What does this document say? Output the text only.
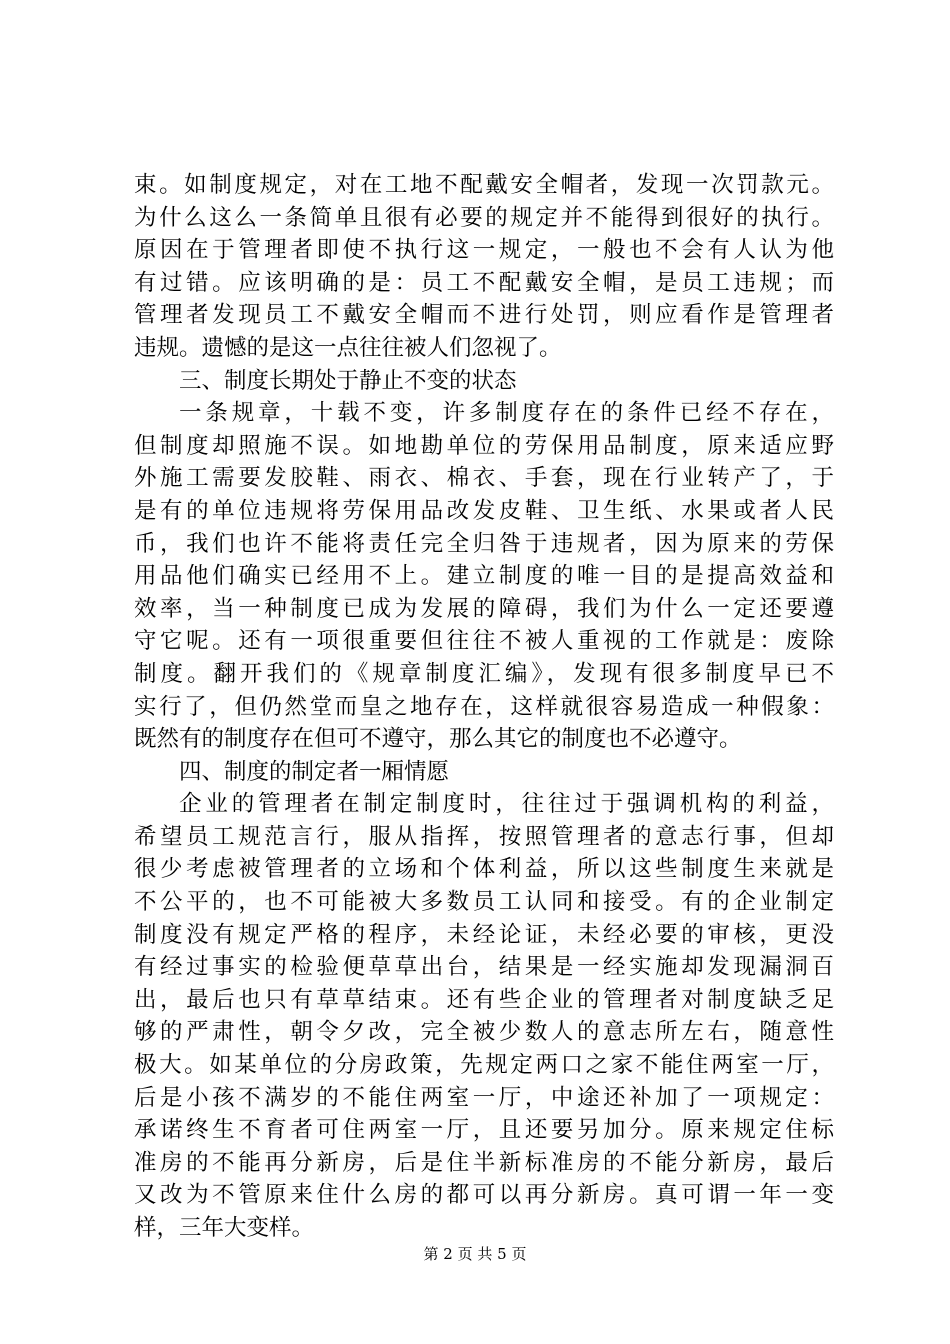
束。如制度规定，对在工地不配戴安全帽者，发现一次罚款元。
为什么这么一条简单且很有必要的规定并不能得到很好的执行。
原因在于管理者即使不执行这一规定，一般也不会有人认为他
有过错。应该明确的是：员工不配戴安全帽，是员工违规；而
管理者发现员工不戴安全帽而不进行处罚，则应看作是管理者
违规。遗憾的是这一点往往被人们忽视了。
三、制度长期处于静止不变的状态
一条规章，十载不变，许多制度存在的条件已经不存在，
但制度却照施不误。如地勘单位的劳保用品制度，原来适应野
外施工需要发胶鞋、雨衣、棉衣、手套，现在行业转产了，于
是有的单位违规将劳保用品改发皮鞋、卫生纸、水果或者人民
币，我们也许不能将责任完全归咎于违规者，因为原来的劳保
用品他们确实已经用不上。建立制度的唯一目的是提高效益和
效率，当一种制度已成为发展的障碍，我们为什么一定还要遵
守它呢。还有一项很重要但往往不被人重视的工作就是：废除
制度。翻开我们的《规章制度汇编》，发现有很多制度早已不
实行了，但仍然堂而皇之地存在，这样就很容易造成一种假象：
既然有的制度存在但可不遵守，那么其它的制度也不必遵守。
四、制度的制定者一厢情愿
企业的管理者在制定制度时，往往过于强调机构的利益，
希望员工规范言行，服从指挥，按照管理者的意志行事，但却
很少考虑被管理者的立场和个体利益，所以这些制度生来就是
不公平的，也不可能被大多数员工认同和接受。有的企业制定
制度没有规定严格的程序，未经论证，未经必要的审核，更没
有经过事实的检验便草草出台，结果是一经实施却发现漏洞百
出，最后也只有草草结束。还有些企业的管理者对制度缺乏足
够的严肃性，朝令夕改，完全被少数人的意志所左右，随意性
极大。如某单位的分房政策，先规定两口之家不能住两室一厅，
后是小孩不满岁的不能住两室一厅，中途还补加了一项规定：
承诺终生不育者可住两室一厅，且还要另加分。原来规定住标
准房的不能再分新房，后是住半新标准房的不能分新房，最后
又改为不管原来住什么房的都可以再分新房。真可谓一年一变
样，三年大变样。
第 2 页 共 5 页
